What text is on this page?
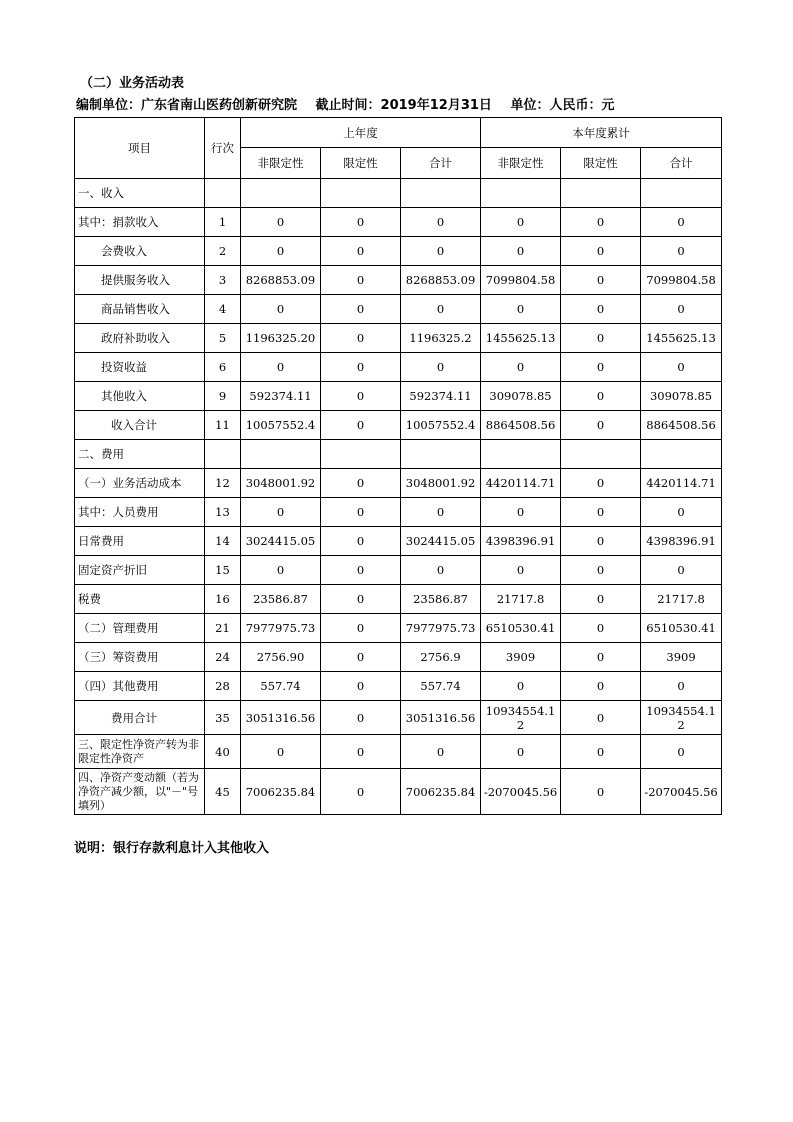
（二）业务活动表
编制单位：广东省南山医药创新研究院 截止时间：2019年12月31日 单位：人民币：元
项目	行次	上年度			本年度累计		
		非限定性	限定性	合计	非限定性	限定性	合计
一、收入							
其中：捐款收入	1	0	0	0	0	0	0
会费收入	2	0	0	0	0	0	0
提供服务收入	3	8268853.09	0	8268853.09	7099804.58	0	7099804.58
商品销售收入	4	0	0	0	0	0	0
政府补助收入	5	1196325.20	0	1196325.2	1455625.13	0	1455625.13
投资收益	6	0	0	0	0	0	0
其他收入	9	592374.11	0	592374.11	309078.85	0	309078.85
收入合计	11	10057552.4	0	10057552.4	8864508.56	0	8864508.56
二、费用							
（一）业务活动成本	12	3048001.92	0	3048001.92	4420114.71	0	4420114.71
其中：人员费用	13	0	0	0	0	0	0
日常费用	14	3024415.05	0	3024415.05	4398396.91	0	4398396.91
固定资产折旧	15	0	0	0	0	0	0
税费	16	23586.87	0	23586.87	21717.8	0	21717.8
（二）管理费用	21	7977975.73	0	7977975.73	6510530.41	0	6510530.41
（三）筹资费用	24	2756.90	0	2756.9	3909	0	3909
（四）其他费用	28	557.74	0	557.74	0	0	0
费用合计	35	3051316.56	0	3051316.56	10934554.12	0	10934554.12
三、限定性净资产转为非限定性净资产	40	0	0	0	0	0	0
四、净资产变动额（若为净资产减少额，以"－"号填列）	45	7006235.84	0	7006235.84	-2070045.56	0	-2070045.56
说明：银行存款利息计入其他收入
